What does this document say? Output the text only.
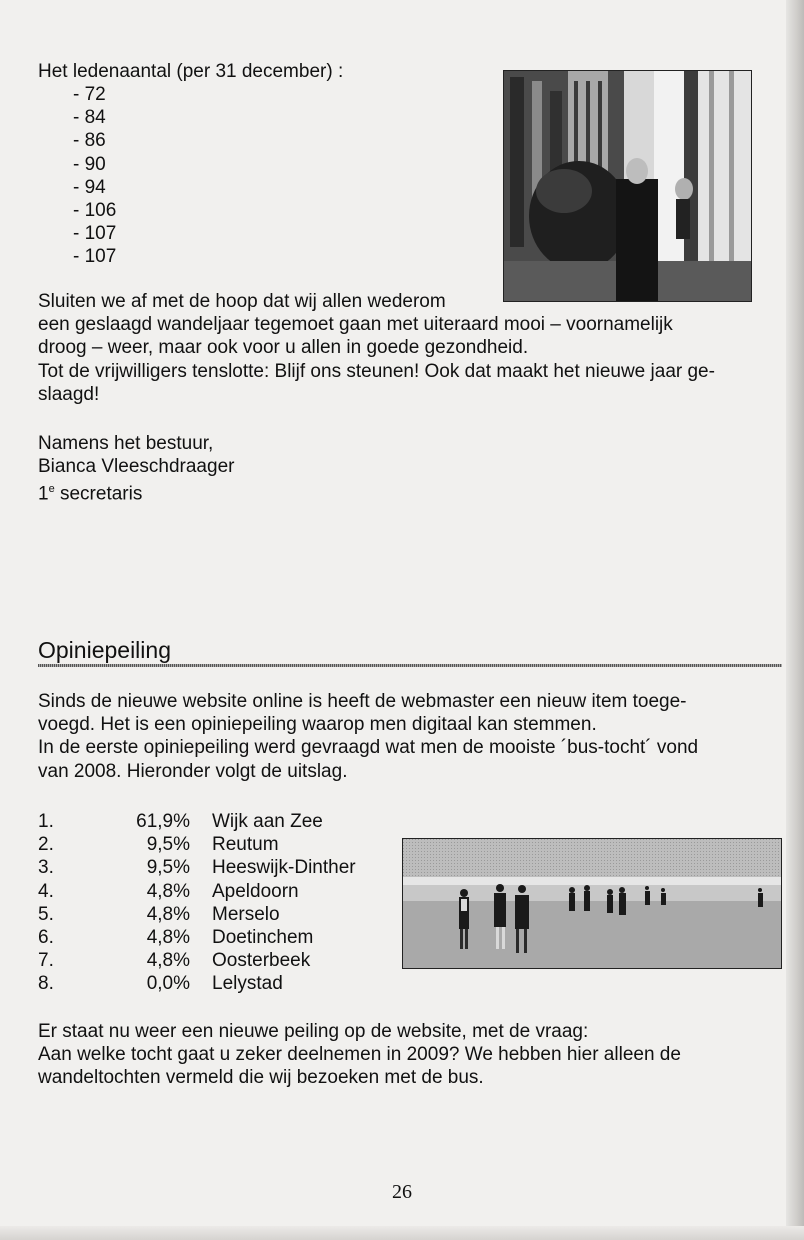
Het ledenaantal (per 31 december) :
- 72
- 84
- 86
- 90
- 94
- 106
- 107
- 107

Sluiten we af met de hoop dat wij allen wederom

een geslaagd wandeljaar tegemoet gaan met uiteraard mooi – voornamelijk

droog – weer, maar ook voor u allen in goede gezondheid.

Tot de vrijwilligers tenslotte: Blijf ons steunen! Ook dat maakt het nieuwe jaar ge-

slaagd!

Namens het bestuur,

Bianca Vleeschdraager

1e secretaris

Opiniepeiling

Sinds de nieuwe website online is heeft de webmaster een nieuw item toege-

voegd. Het is een opiniepeiling waarop men digitaal kan stemmen.

In de eerste opiniepeiling werd gevraagd wat men de mooiste ´bus-tocht´ vond

van 2008. Hieronder volgt de uitslag.

1.	61,9% Wijk aan Zee
2.	9,5% Reutum
3.	9,5% Heeswijk-Dinther
4.	4,8% Apeldoorn
5.	4,8% Merselo
6.	4,8% Doetinchem
7.	4,8% Oosterbeek
8.	0,0% Lelystad

Er staat nu weer een nieuwe peiling op de website, met de vraag:

Aan welke tocht gaat u zeker deelnemen in 2009? We hebben hier alleen de

wandeltochten vermeld die wij bezoeken met de bus.

26
